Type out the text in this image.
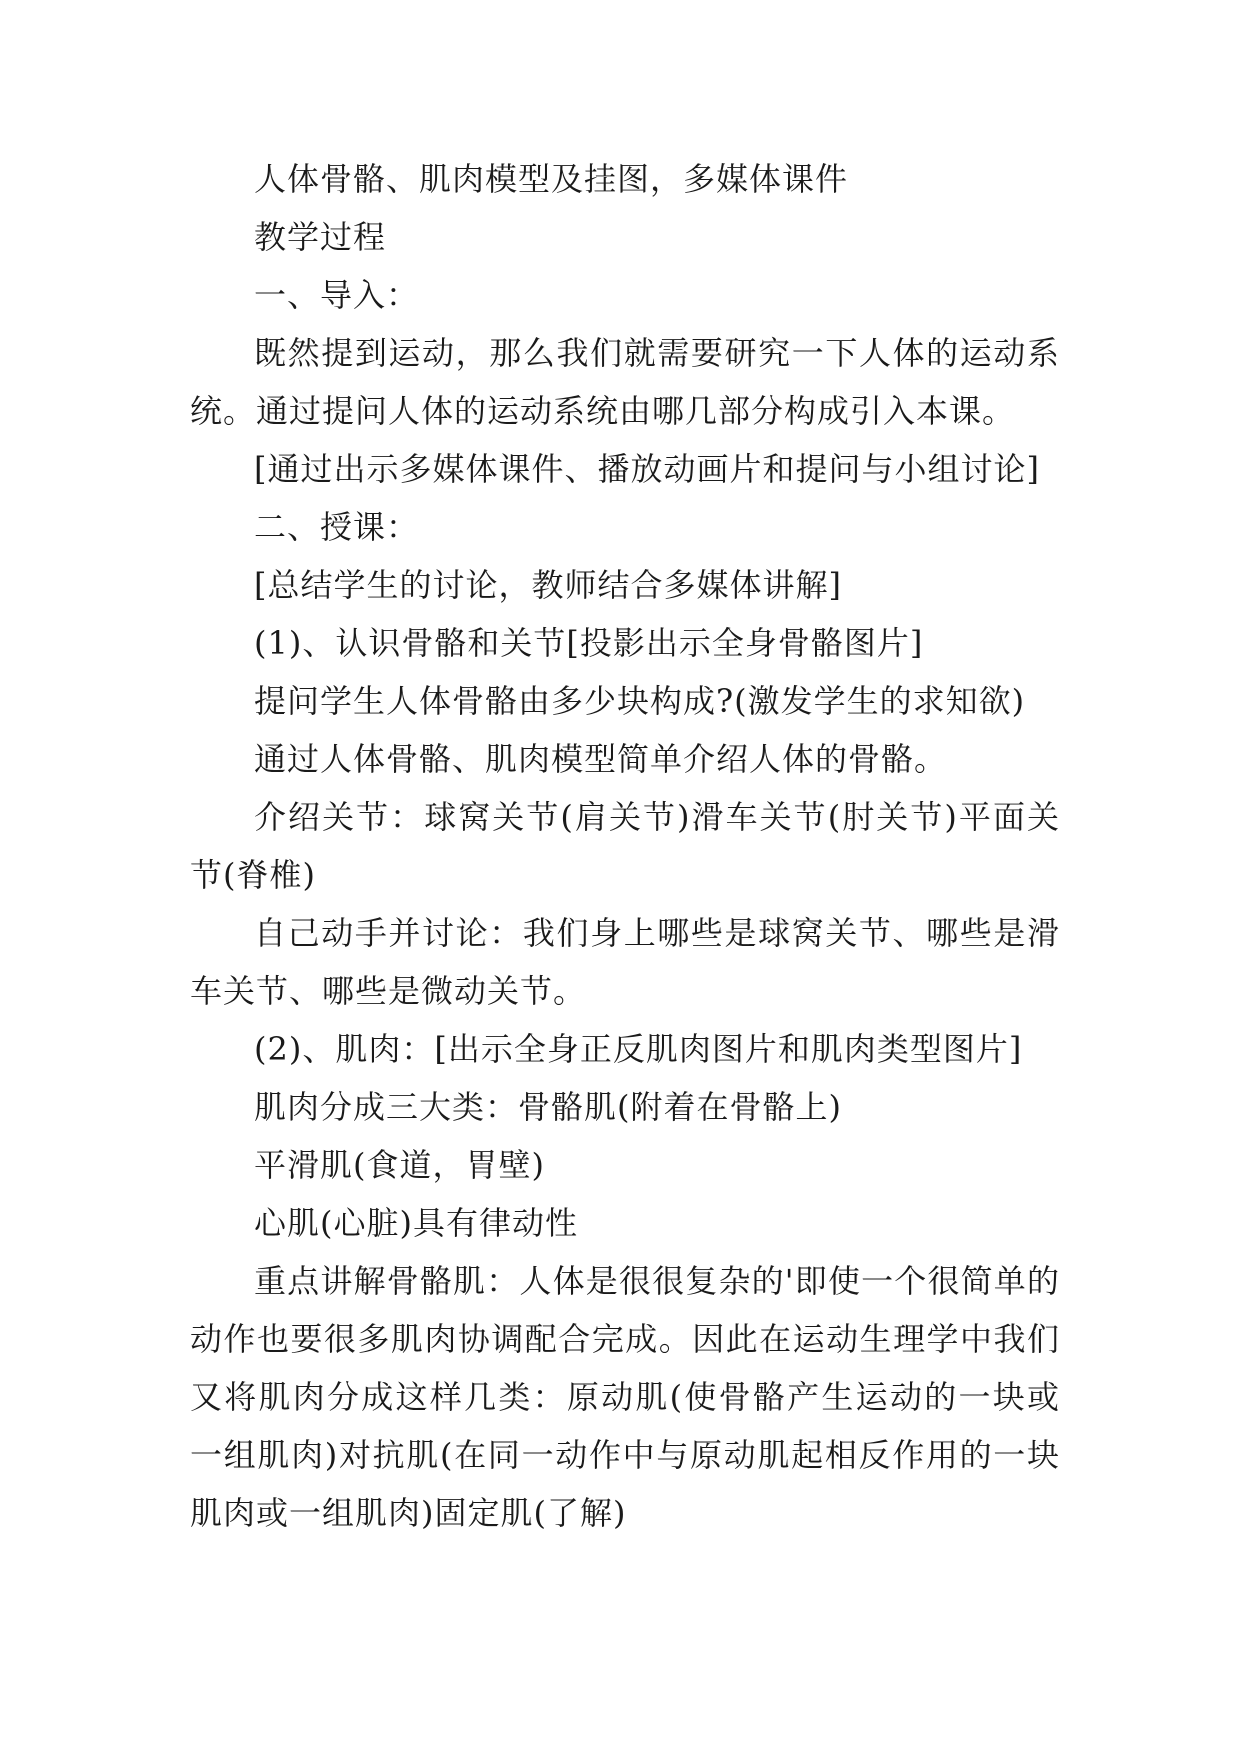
人体骨骼、肌肉模型及挂图，多媒体课件

教学过程

一、导入：

既然提到运动，那么我们就需要研究一下人体的运动系统。通过提问人体的运动系统由哪几部分构成引入本课。

[通过出示多媒体课件、播放动画片和提问与小组讨论]

二、授课：

[总结学生的讨论，教师结合多媒体讲解]

(1)、认识骨骼和关节[投影出示全身骨骼图片]

提问学生人体骨骼由多少块构成?(激发学生的求知欲)

通过人体骨骼、肌肉模型简单介绍人体的骨骼。

介绍关节：球窝关节(肩关节)滑车关节(肘关节)平面关节(脊椎)

自己动手并讨论：我们身上哪些是球窝关节、哪些是滑车关节、哪些是微动关节。

(2)、肌肉：[出示全身正反肌肉图片和肌肉类型图片]

肌肉分成三大类：骨骼肌(附着在骨骼上)

平滑肌(食道，胃壁)

心肌(心脏)具有律动性

重点讲解骨骼肌：人体是很很复杂的'即使一个很简单的动作也要很多肌肉协调配合完成。因此在运动生理学中我们又将肌肉分成这样几类：原动肌(使骨骼产生运动的一块或一组肌肉)对抗肌(在同一动作中与原动肌起相反作用的一块肌肉或一组肌肉)固定肌(了解)
